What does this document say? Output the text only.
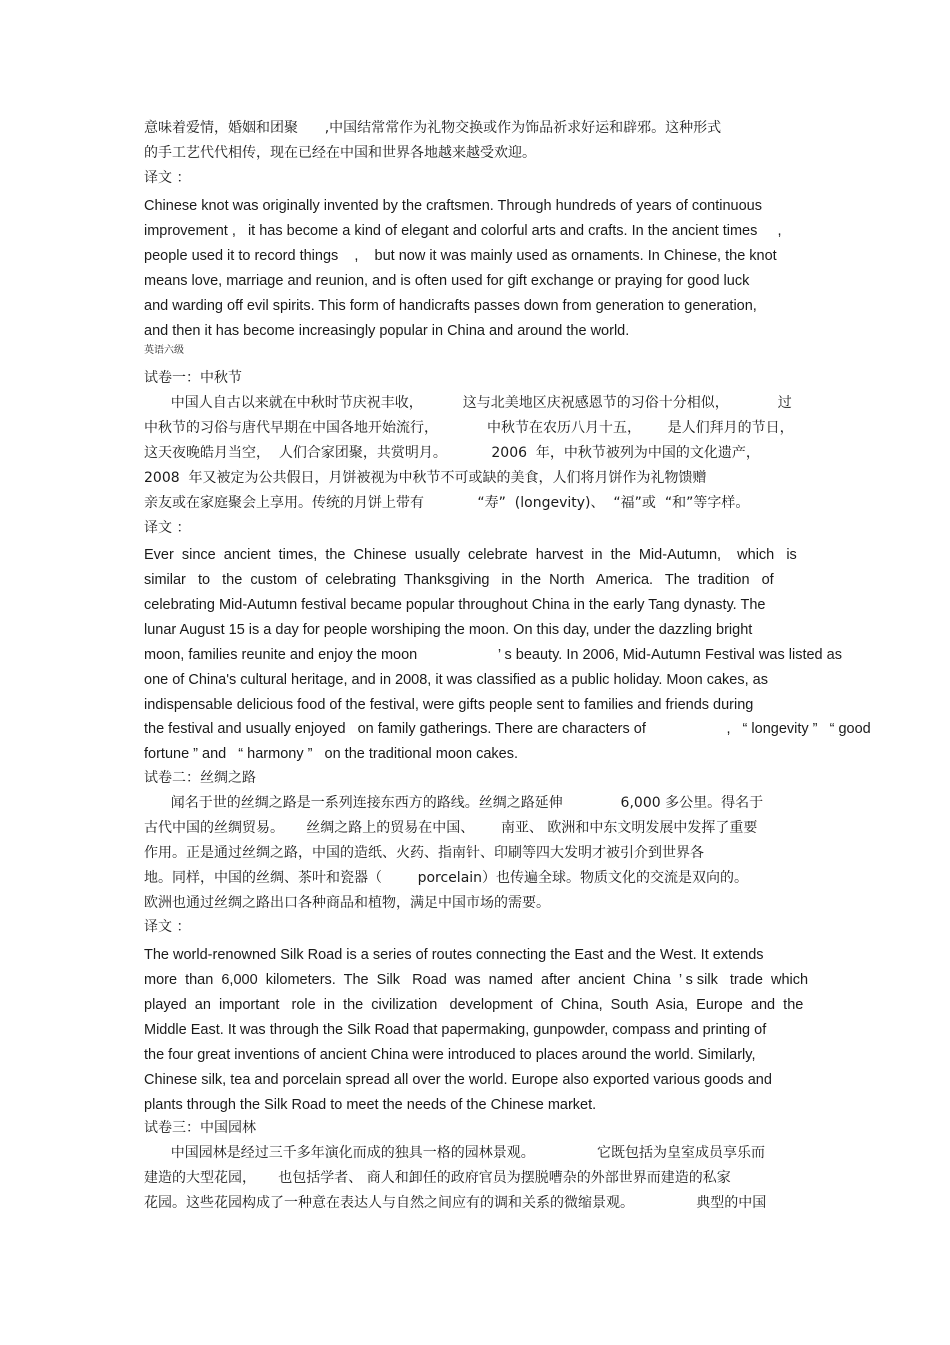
意味着爱情，婚姻和团聚      ,中国结常常作为礼物交换或作为饰品祈求好运和辟邪。这种形式
的手工艺代代相传，现在已经在中国和世界各地越来越受欢迎。
译文 ：
Chinese knot was originally invented by the craftsmen. Through hundreds of years of continuous
improvement ,   it has become a kind of elegant and colorful arts and crafts. In the ancient times     ,
people used it to record things    ,    but now it was mainly used as ornaments. In Chinese, the knot
means love, marriage and reunion, and is often used for gift exchange or praying for good luck
and warding off evil spirits. This form of handicrafts passes down from generation to generation,
and then it has become increasingly popular in China and around the world.
英语六级
试卷一：中秋节
中国人自古以来就在中秋时节庆祝丰收，         这与北美地区庆祝感恩节的习俗十分相似，           过
中秋节的习俗与唐代早期在中国各地开始流行，           中秋节在农历八月十五，      是人们拜月的节日，
这天夜晚皓月当空，  人们合家团聚，共赏明月。          2006  年，中秋节被列为中国的文化遗产，
2008  年又被定为公共假日，月饼被视为中秋节不可或缺的美食，人们将月饼作为礼物馈赠
亲友或在家庭聚会上享用。传统的月饼上带有            “寿”  (longevity)、  “福”或  “和”等字样。
译文 ：
Ever  since  ancient  times,  the  Chinese  usually  celebrate  harvest  in  the  Mid-Autumn,    which   is
similar   to   the  custom  of  celebrating  Thanksgiving   in  the  North   America.   The  tradition   of
celebrating Mid-Autumn festival became popular throughout China in the early Tang dynasty. The
lunar August 15 is a day for people worshiping the moon. On this day, under the dazzling bright
moon, families reunite and enjoy the moon                    ’ s beauty. In 2006, Mid-Autumn Festival was listed as
one of China's cultural heritage, and in 2008, it was classified as a public holiday. Moon cakes, as
indispensable delicious food of the festival, were gifts people sent to families and friends during
the festival and usually enjoyed   on family gatherings. There are characters of                    ,   “ longevity ”   “ good
fortune ” and   “ harmony ”   on the traditional moon cakes.
试卷二：丝绸之路
闻名于世的丝绸之路是一系列连接东西方的路线。丝绸之路延伸             6,000 多公里。得名于
古代中国的丝绸贸易。     丝绸之路上的贸易在中国、      南亚、 欧洲和中东文明发展中发挥了重要
作用。正是通过丝绸之路，中国的造纸、火药、指南针、印刷等四大发明才被引介到世界各
地。同样，中国的丝绸、茶叶和瓷器（        porcelain）也传遍全球。物质文化的交流是双向的。
欧洲也通过丝绸之路出口各种商品和植物，满足中国市场的需要。
译文 ：
The world-renowned Silk Road is a series of routes connecting the East and the West. It extends
more  than  6,000  kilometers.  The  Silk   Road  was  named  after  ancient  China  ’ s silk   trade  which
played  an  important   role  in  the  civilization   development  of  China,  South  Asia,  Europe  and  the
Middle East. It was through the Silk Road that papermaking, gunpowder, compass and printing of
the four great inventions of ancient China were introduced to places around the world. Similarly,
Chinese silk, tea and porcelain spread all over the world. Europe also exported various goods and
plants through the Silk Road to meet the needs of the Chinese market.
试卷三：中国园林
中国园林是经过三千多年演化而成的独具一格的园林景观。              它既包括为皇室成员享乐而
建造的大型花园，     也包括学者、 商人和卸任的政府官员为摆脱嘈杂的外部世界而建造的私家
花园。这些花园构成了一种意在表达人与自然之间应有的调和关系的微缩景观。              典型的中国
